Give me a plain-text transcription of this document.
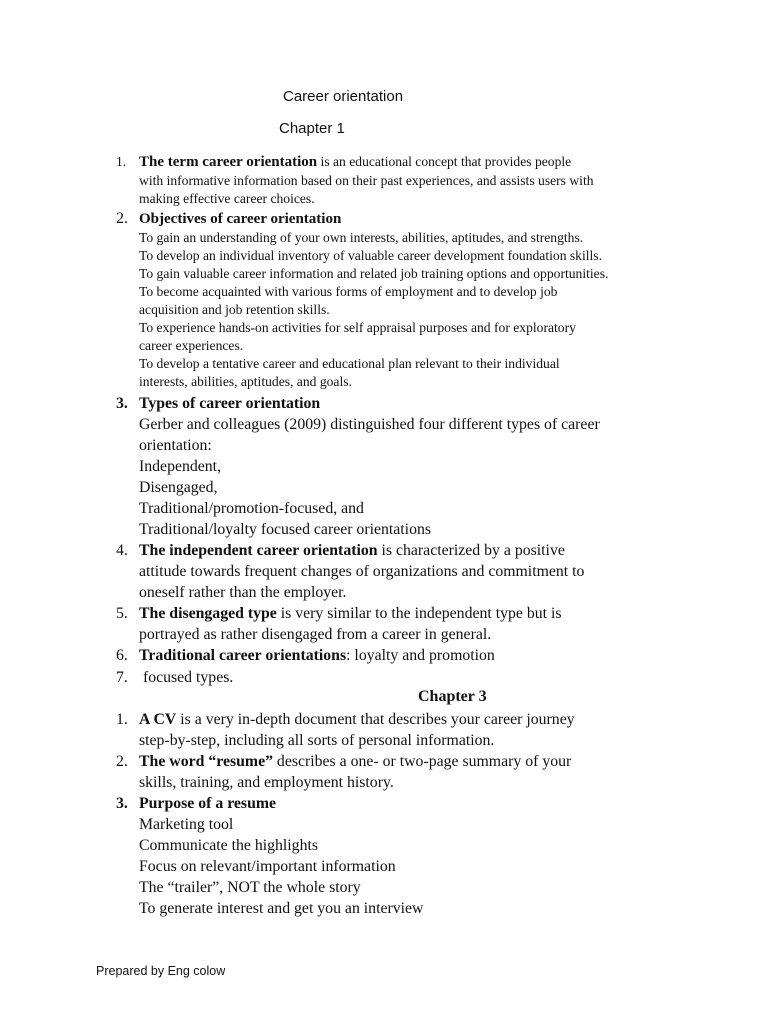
Career orientation
Chapter 1
1. The term career orientation is an educational concept that provides people
with informative information based on their past experiences, and assists users with
making effective career choices.
2. Objectives of career orientation
To gain an understanding of your own interests, abilities, aptitudes, and strengths.
To develop an individual inventory of valuable career development foundation skills.
To gain valuable career information and related job training options and opportunities.
To become acquainted with various forms of employment and to develop job
acquisition and job retention skills.
To experience hands-on activities for self appraisal purposes and for exploratory
career experiences.
To develop a tentative career and educational plan relevant to their individual
interests, abilities, aptitudes, and goals.
3. Types of career orientation
Gerber and colleagues (2009) distinguished four different types of career
orientation:
Independent,
Disengaged,
Traditional/promotion-focused, and
Traditional/loyalty focused career orientations
4. The independent career orientation is characterized by a positive
attitude towards frequent changes of organizations and commitment to
oneself rather than the employer.
5. The disengaged type is very similar to the independent type but is
portrayed as rather disengaged from a career in general.
6. Traditional career orientations: loyalty and promotion
7. focused types.
Chapter 3
1. A CV is a very in-depth document that describes your career journey
step-by-step, including all sorts of personal information.
2. The word “resume” describes a one- or two-page summary of your
skills, training, and employment history.
3. Purpose of a resume
Marketing tool
Communicate the highlights
Focus on relevant/important information
The “trailer”, NOT the whole story
To generate interest and get you an interview
Prepared by Eng colow
